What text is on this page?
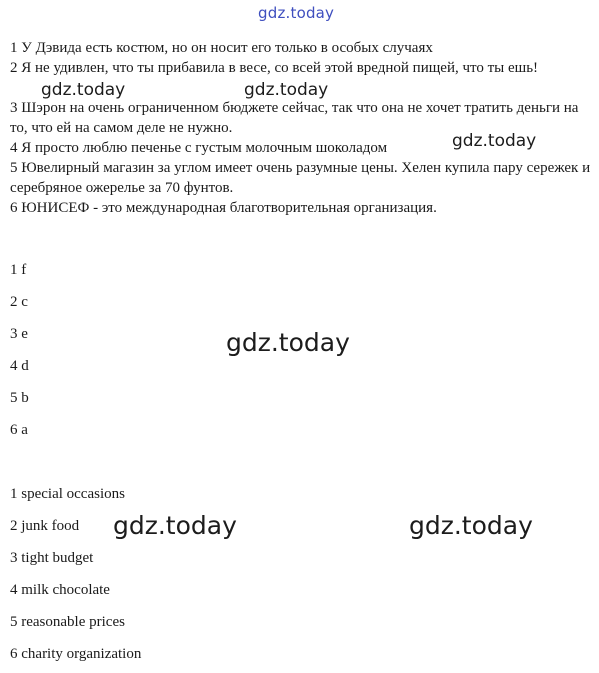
gdz.today
1 У Дэвида есть костюм, но он носит его только в особых случаях
2 Я не удивлен, что ты прибавила в весе, со всей этой вредной пищей, что ты ешь!
3 Шэрон на очень ограниченном бюджете сейчас, так что она не хочет тратить деньги на то, что ей на самом деле не нужно.
4 Я просто люблю печенье с густым молочным шоколадом
5 Ювелирный магазин за углом имеет очень разумные цены. Хелен купила пару сережек и серебряное ожерелье за 70 фунтов.
6 ЮНИСЕФ - это международная благотворительная организация.
1 f
2 c
3 e
4 d
5 b
6 a
1 special occasions
2 junk food
3 tight budget
4 milk chocolate
5 reasonable prices
6 charity organization
gdz.today	gdz.today
gdz.today
gdz.today
gdz.today	gdz.today
